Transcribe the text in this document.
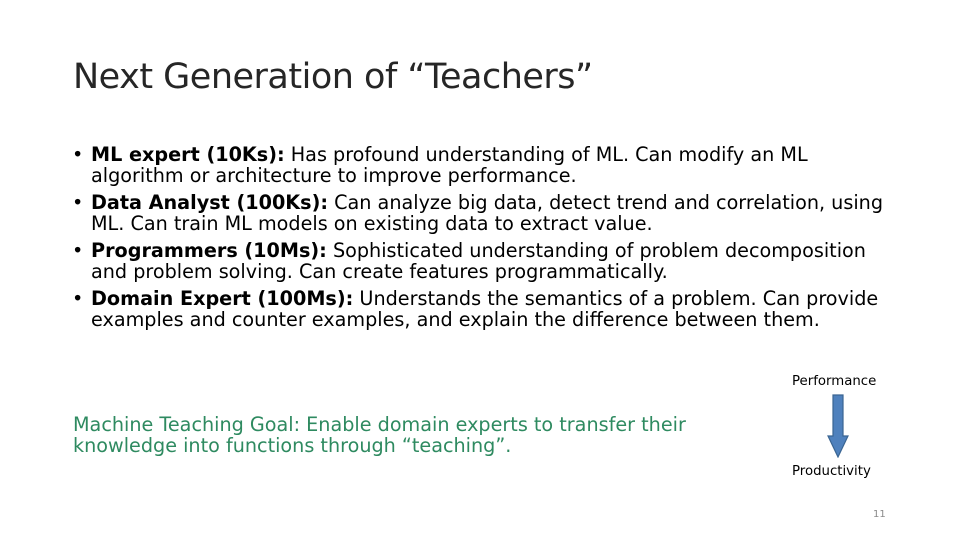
Next Generation of “Teachers”
• ML expert (10Ks): Has profound understanding of ML. Can modify an ML algorithm or architecture to improve performance.
• Data Analyst (100Ks): Can analyze big data, detect trend and correlation, using ML. Can train ML models on existing data to extract value.
• Programmers (10Ms): Sophisticated understanding of problem decomposition and problem solving. Can create features programmatically.
• Domain Expert (100Ms): Understands the semantics of a problem. Can provide examples and counter examples, and explain the difference between them.
Machine Teaching Goal: Enable domain experts to transfer their knowledge into functions through “teaching”.
Performance
Productivity
11
